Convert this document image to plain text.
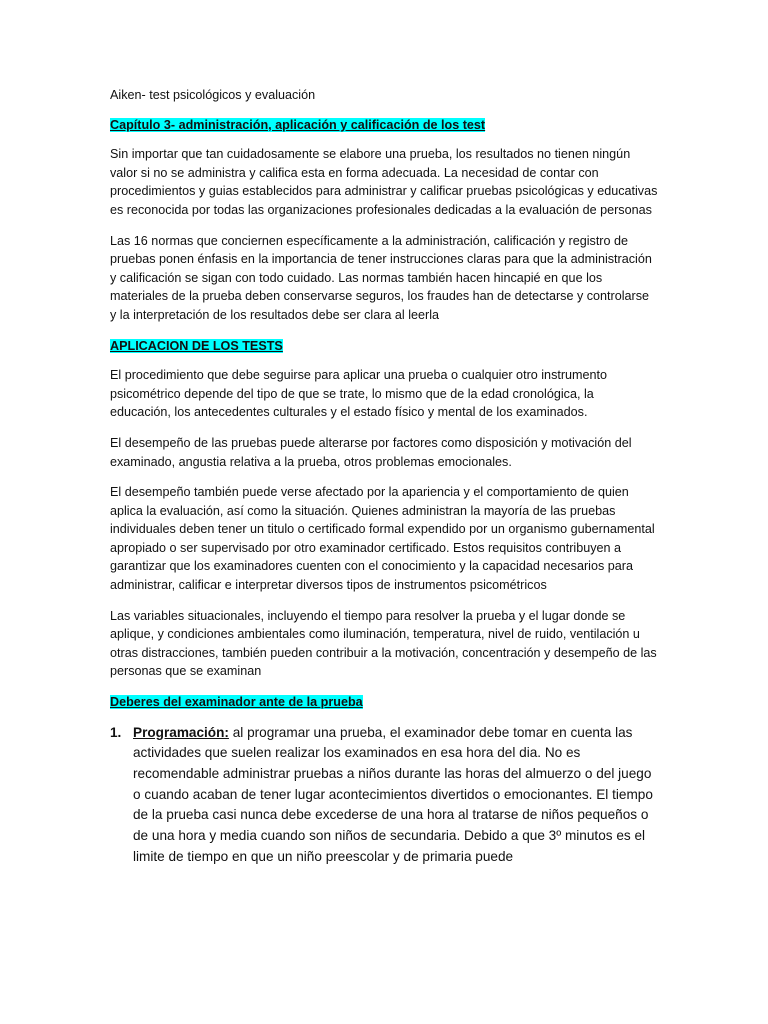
Aiken- test psicológicos y evaluación
Capítulo 3- administración, aplicación y calificación de los test

Sin importar que tan cuidadosamente se elabore una prueba, los resultados no tienen ningún valor si no se administra y califica esta en forma adecuada. La necesidad de contar con procedimientos y guias establecidos para administrar y calificar pruebas psicológicas y educativas es reconocida por todas las organizaciones profesionales dedicadas a la evaluación de personas

Las 16 normas que conciernen específicamente a la administración, calificación y registro de pruebas ponen énfasis en la importancia de tener instrucciones claras para que la administración y calificación se sigan con todo cuidado. Las normas también hacen hincapié en que los materiales de la prueba deben conservarse seguros, los fraudes han de detectarse y controlarse y la interpretación de los resultados debe ser clara al leerla

APLICACION DE LOS TESTS

El procedimiento que debe seguirse para aplicar una prueba o cualquier otro instrumento psicométrico depende del tipo de que se trate, lo mismo que de la edad cronológica, la educación, los antecedentes culturales y el estado físico y mental de los examinados.

El desempeño de las pruebas puede alterarse por factores como disposición y motivación del examinado, angustia relativa a la prueba, otros problemas emocionales.

El desempeño también puede verse afectado por la apariencia y el comportamiento de quien aplica la evaluación, así como la situación. Quienes administran la mayoría de las pruebas individuales deben tener un titulo o certificado formal expendido por un organismo gubernamental apropiado o ser supervisado por otro examinador certificado. Estos requisitos contribuyen a garantizar que los examinadores cuenten con el conocimiento y la capacidad necesarios para administrar, calificar e interpretar diversos tipos de instrumentos psicométricos

Las variables situacionales, incluyendo el tiempo para resolver la prueba y el lugar donde se aplique, y condiciones ambientales como iluminación, temperatura, nivel de ruido, ventilación u otras distracciones, también pueden contribuir a la motivación, concentración y desempeño de las personas que se examinan

Deberes del examinador ante de la prueba
1. Programación: al programar una prueba, el examinador debe tomar en cuenta las actividades que suelen realizar los examinados en esa hora del dia. No es recomendable administrar pruebas a niños durante las horas del almuerzo o del juego o cuando acaban de tener lugar acontecimientos divertidos o emocionantes. El tiempo de la prueba casi nunca debe excederse de una hora al tratarse de niños pequeños o de una hora y media cuando son niños de secundaria. Debido a que 3º minutos es el limite de tiempo en que un niño preescolar y de primaria puede
